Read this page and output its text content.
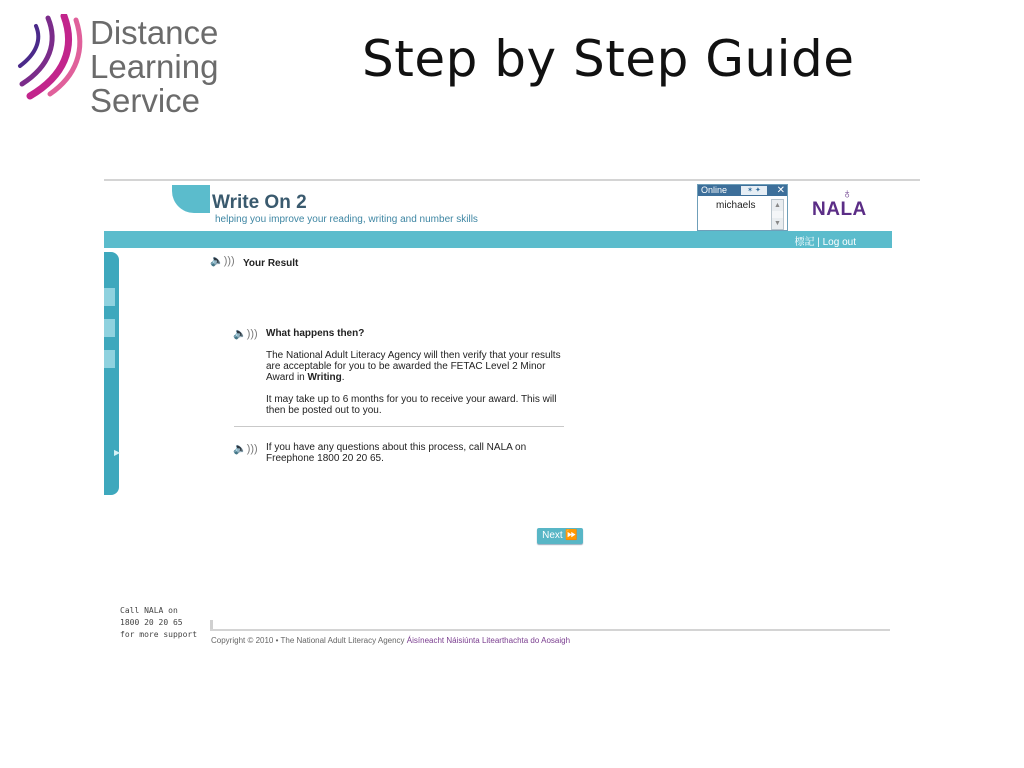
Distance
Learning
Service
Step by Step Guide
Write On 2
helping you improve your reading, writing and number skills
Online	✶ ✦	✕
michaels	▲
▼
♁
NALA
標記 | Log out
▶
🔈))) Your Result
🔈))) What happens then?
The National Adult Literacy Agency will then verify that your results are acceptable for you to be awarded the FETAC Level 2 Minor Award in Writing.
It may take up to 6 months for you to receive your award. This will then be posted out to you.
🔈))) If you have any questions about this process, call NALA on Freephone 1800 20 20 65.
Next ⏩
Call NALA on
1800 20 20 65
for more support
Copyright © 2010 • The National Adult Literacy Agency Áisíneacht Náisiúnta Litearthachta do Aosaigh
